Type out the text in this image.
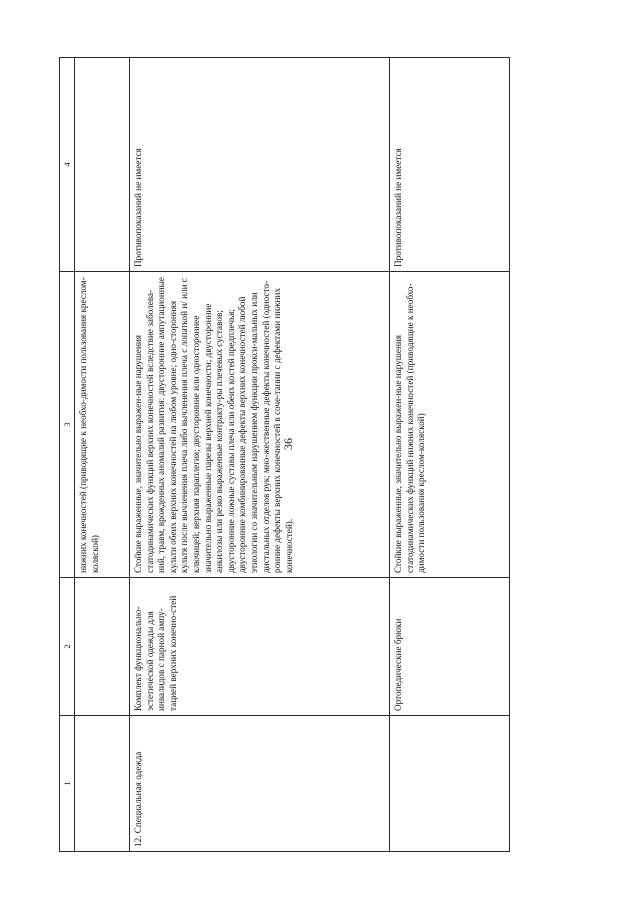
36
1	2	3	4
		нижних конечностей (приводящие к необхо-димости пользования креслом-коляской)	
12. Специальная одежда	Комплект функционально-эстетической одежды для инвалидов с парной ампу-тацией верхних конечно-стей	Стойкие выраженные, значительно выражен-ные нарушения статодинамических функций верхних конечностей вследствие заболева-ний, травм, врожденных аномалий развития: двусторонние ампутационные культи обеих верхних конечностей на любом уровне; одно-сторонняя культя после вычленения плеча либо вычленения плеча с лопаткой и/ или с ключицей; верхняя параплегия; двусторонние или одностороннее значительно выраженные парезы верхней конечности; двусторонние анкилозы или резко выраженные контракту-ры плечевых суставов; двусторонние ложные суставы плеча или обеих костей предплечья; двусторонние комбинированные дефекты верхних конечностей любой этиологии со значительным нарушением функции прокси-мальных или дистальных отделов рук; мно-жественные дефекты конечностей (односто-ронние дефекты верхних конечностей в соче-тании с дефектами нижних конечностей).	Противопоказаний не имеется
	Ортопедические брюки	Стойкие выраженные, значительно выражен-ные нарушения статодинамических функций нижних конечностей (приводящие к необхо-димости пользования креслом-коляской)	Противопоказаний не имеется
